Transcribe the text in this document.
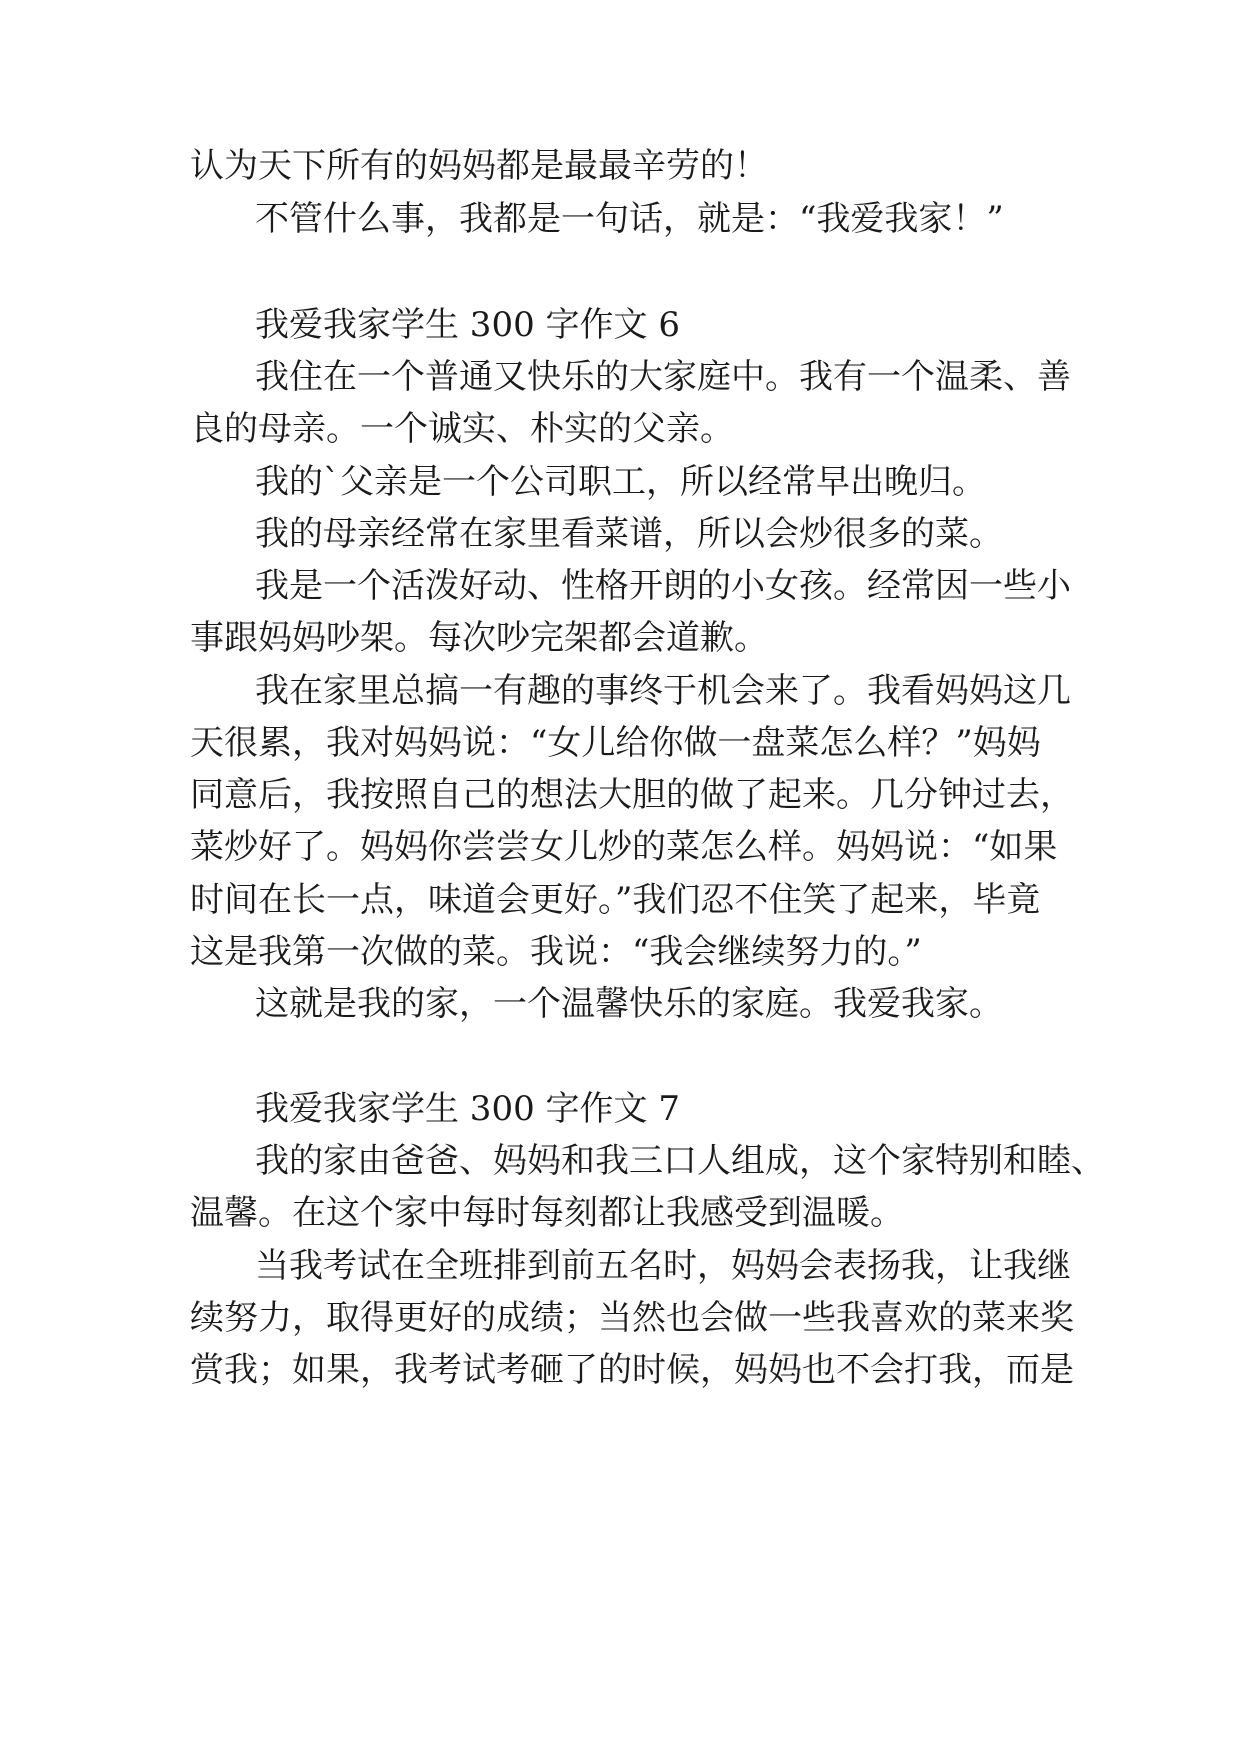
认为天下所有的妈妈都是最最辛劳的！

不管什么事，我都是一句话，就是：“我爱我家！”

我爱我家学生 300 字作文 6

我住在一个普通又快乐的大家庭中。我有一个温柔、善

良的母亲。一个诚实、朴实的父亲。

我的`父亲是一个公司职工，所以经常早出晚归。

我的母亲经常在家里看菜谱，所以会炒很多的菜。

我是一个活泼好动、性格开朗的小女孩。经常因一些小

事跟妈妈吵架。每次吵完架都会道歉。

我在家里总搞一有趣的事终于机会来了。我看妈妈这几

天很累，我对妈妈说：“女儿给你做一盘菜怎么样？”妈妈

同意后，我按照自己的想法大胆的做了起来。几分钟过去，

菜炒好了。妈妈你尝尝女儿炒的菜怎么样。妈妈说：“如果

时间在长一点，味道会更好。”我们忍不住笑了起来，毕竟

这是我第一次做的菜。我说：“我会继续努力的。”

这就是我的家，一个温馨快乐的家庭。我爱我家。

我爱我家学生 300 字作文 7

我的家由爸爸、妈妈和我三口人组成，这个家特别和睦、

温馨。在这个家中每时每刻都让我感受到温暖。

当我考试在全班排到前五名时，妈妈会表扬我，让我继

续努力，取得更好的成绩；当然也会做一些我喜欢的菜来奖

赏我；如果，我考试考砸了的时候，妈妈也不会打我，而是
